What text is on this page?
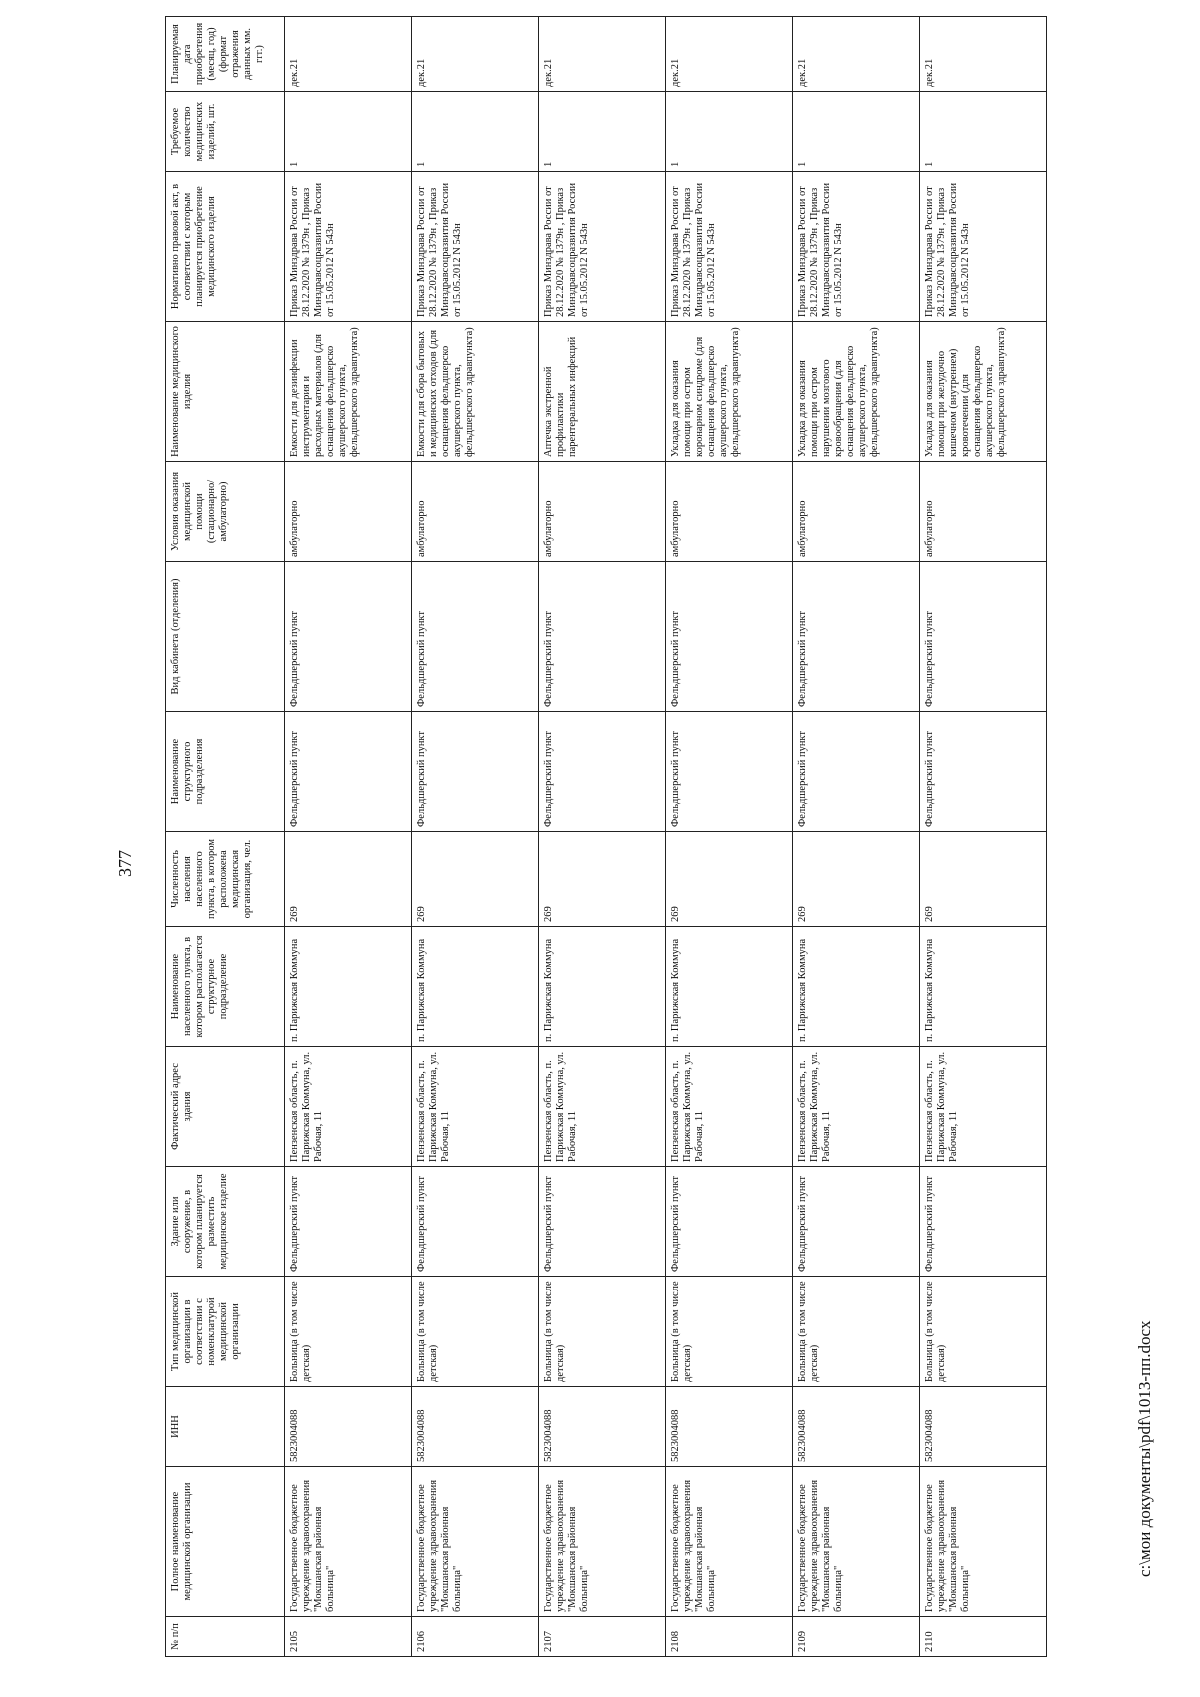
377
№ п/п	Полное наименование медицинской организации	ИНН	Тип медицинской организации в соответствии с номенклатурой медицинской организации	Здание или сооружение, в котором планируется разместить медицинское изделие	Фактический адрес здания	Наименование населенного пункта, в котором располагается структурное подразделение	Численность населения населенного пункта, в котором расположена медицинская организация, чел.	Наименование структурного подразделения	Вид кабинета (отделения)	Условия оказания медицинской помощи (стационарно/амбулаторно)	Наименование медицинского изделия	Нормативно правовой акт, в соответствии с которым планируется приобретение медицинского изделия	Требуемое количество медицинских изделий, шт.	Планируемая дата приобретения (месяц, год) (формат отражения данных мм. ггг.)
2105	Государственное бюджетное учреждение здравоохранения "Мокшанская районная больница"	5823004088	Больница (в том числе детская)	Фельдшерский пункт	Пензенская область, п. Парижская Коммуна, ул. Рабочая, 11	п. Парижская Коммуна	269	Фельдшерский пункт	Фельдшерский пункт	амбулаторно	Емкости для дезинфекции инструментария и расходных материалов (для оснащения фельдшерско акушерского пункта, фельдшерского здравпункта)	Приказ Минздрава России от 28.12.2020 № 1379н , Приказ Минздравсоцразвития России от 15.05.2012 N 543н	1	дек.21
2106	Государственное бюджетное учреждение здравоохранения "Мокшанская районная больница"	5823004088	Больница (в том числе детская)	Фельдшерский пункт	Пензенская область, п. Парижская Коммуна, ул. Рабочая, 11	п. Парижская Коммуна	269	Фельдшерский пункт	Фельдшерский пункт	амбулаторно	Емкости для сбора бытовых и медицинских отходов (для оснащения фельдшерско акушерского пункта, фельдшерского здравпункта)	Приказ Минздрава России от 28.12.2020 № 1379н , Приказ Минздравсоцразвития России от 15.05.2012 N 543н	1	дек.21
2107	Государственное бюджетное учреждение здравоохранения "Мокшанская районная больница"	5823004088	Больница (в том числе детская)	Фельдшерский пункт	Пензенская область, п. Парижская Коммуна, ул. Рабочая, 11	п. Парижская Коммуна	269	Фельдшерский пункт	Фельдшерский пункт	амбулаторно	Аптечка экстренной профилактики парентеральных инфекций	Приказ Минздрава России от 28.12.2020 № 1379н , Приказ Минздравсоцразвития России от 15.05.2012 N 543н	1	дек.21
2108	Государственное бюджетное учреждение здравоохранения "Мокшанская районная больница"	5823004088	Больница (в том числе детская)	Фельдшерский пункт	Пензенская область, п. Парижская Коммуна, ул. Рабочая, 11	п. Парижская Коммуна	269	Фельдшерский пункт	Фельдшерский пункт	амбулаторно	Укладка для оказания помощи при остром коронарном синдроме (для оснащения фельдшерско акушерского пункта, фельдшерского здравпункта)	Приказ Минздрава России от 28.12.2020 № 1379н , Приказ Минздравсоцразвития России от 15.05.2012 N 543н	1	дек.21
2109	Государственное бюджетное учреждение здравоохранения "Мокшанская районная больница"	5823004088	Больница (в том числе детская)	Фельдшерский пункт	Пензенская область, п. Парижская Коммуна, ул. Рабочая, 11	п. Парижская Коммуна	269	Фельдшерский пункт	Фельдшерский пункт	амбулаторно	Укладка для оказания помощи при остром нарушении мозгового кровообращения (для оснащения фельдшерско акушерского пункта, фельдшерского здравпункта)	Приказ Минздрава России от 28.12.2020 № 1379н , Приказ Минздравсоцразвития России от 15.05.2012 N 543н	1	дек.21
2110	Государственное бюджетное учреждение здравоохранения "Мокшанская районная больница"	5823004088	Больница (в том числе детская)	Фельдшерский пункт	Пензенская область, п. Парижская Коммуна, ул. Рабочая, 11	п. Парижская Коммуна	269	Фельдшерский пункт	Фельдшерский пункт	амбулаторно	Укладка для оказания помощи при желудочно кишечном (внутреннем) кровотечении (для оснащения фельдшерско акушерского пункта, фельдшерского здравпункта)	Приказ Минздрава России от 28.12.2020 № 1379н , Приказ Минздравсоцразвития России от 15.05.2012 N 543н	1	дек.21
c:\мои документы\pdf\1013-пп.docx
